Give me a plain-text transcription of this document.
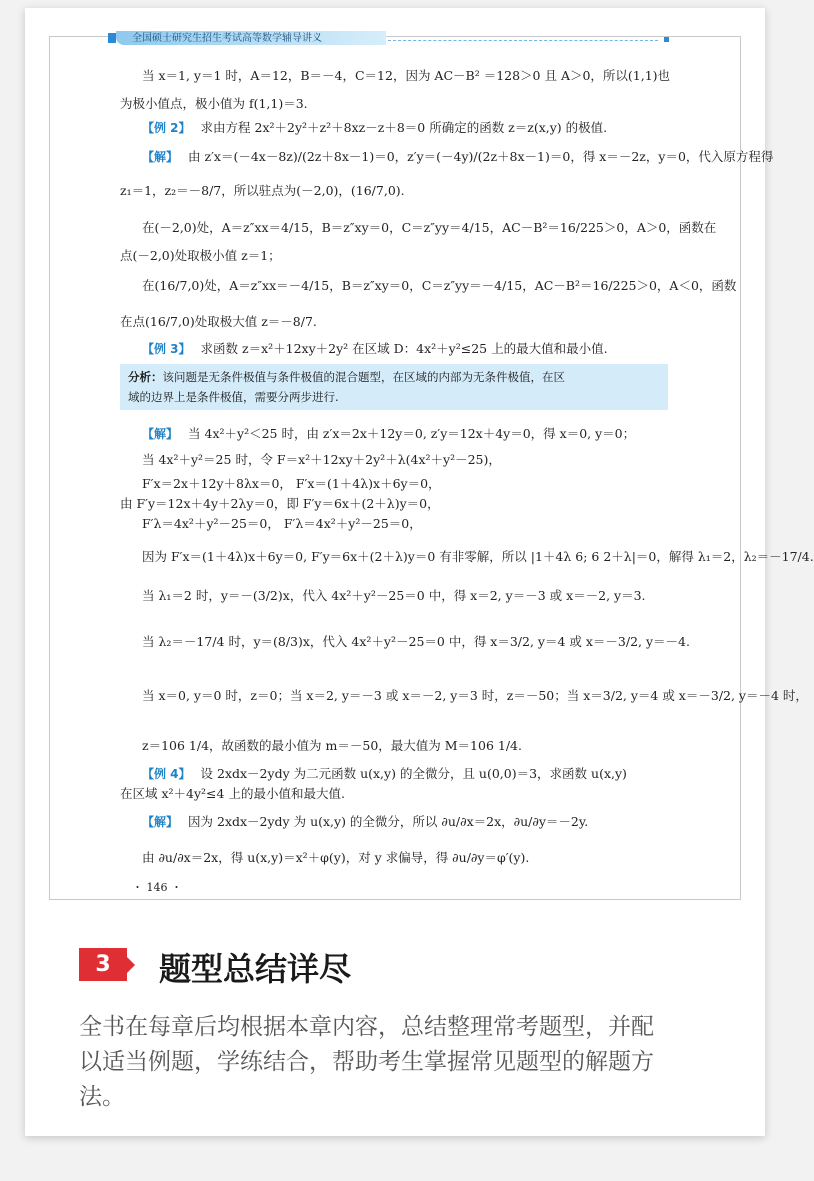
全国硕士研究生招生考试高等数学辅导讲义
当 x＝1, y＝1 时，A＝12，B＝－4，C＝12，因为 AC－B² ＝128＞0 且 A＞0，所以(1,1)也
为极小值点，极小值为 f(1,1)＝3.
【例 2】 求由方程 2x²＋2y²＋z²＋8xz－z＋8＝0 所确定的函数 z＝z(x,y) 的极值.
【解】 由 z′x＝(－4x－8z)/(2z＋8x－1)＝0，z′y＝(－4y)/(2z＋8x－1)＝0，得 x＝－2z，y＝0，代入原方程得
z₁＝1，z₂＝－8/7，所以驻点为(－2,0)，(16/7,0).
在(－2,0)处，A＝z″xx＝4/15，B＝z″xy＝0，C＝z″yy＝4/15，AC－B²＝16/225＞0，A＞0，函数在
点(－2,0)处取极小值 z＝1；
在(16/7,0)处，A＝z″xx＝－4/15，B＝z″xy＝0，C＝z″yy＝－4/15，AC－B²＝16/225＞0，A＜0，函数
在点(16/7,0)处取极大值 z＝－8/7.
【例 3】 求函数 z＝x²＋12xy＋2y² 在区域 D：4x²＋y²≤25 上的最大值和最小值.
分析：该问题是无条件极值与条件极值的混合题型，在区域的内部为无条件极值，在区
域的边界上是条件极值，需要分两步进行.
【解】 当 4x²＋y²＜25 时，由 z′x＝2x＋12y＝0, z′y＝12x＋4y＝0，得 x＝0, y＝0；
当 4x²＋y²＝25 时，令 F＝x²＋12xy＋2y²＋λ(4x²＋y²－25)，
F′x＝2x＋12y＋8λx＝0， F′x＝(1＋4λ)x＋6y＝0，
由 F′y＝12x＋4y＋2λy＝0，即 F′y＝6x＋(2＋λ)y＝0，
F′λ＝4x²＋y²－25＝0， F′λ＝4x²＋y²－25＝0，
因为 F′x＝(1＋4λ)x＋6y＝0, F′y＝6x＋(2＋λ)y＝0 有非零解，所以 |1＋4λ 6; 6 2＋λ|＝0，解得 λ₁＝2，λ₂＝－17/4.
当 λ₁＝2 时，y＝－(3/2)x，代入 4x²＋y²－25＝0 中，得 x＝2, y＝－3 或 x＝－2, y＝3.
当 λ₂＝－17/4 时，y＝(8/3)x，代入 4x²＋y²－25＝0 中，得 x＝3/2, y＝4 或 x＝－3/2, y＝－4.
当 x＝0, y＝0 时，z＝0；当 x＝2, y＝－3 或 x＝－2, y＝3 时，z＝－50；当 x＝3/2, y＝4 或 x＝－3/2, y＝－4 时，
z＝106 1/4，故函数的最小值为 m＝－50，最大值为 M＝106 1/4.
【例 4】 设 2xdx－2ydy 为二元函数 u(x,y) 的全微分，且 u(0,0)＝3，求函数 u(x,y)
在区域 x²＋4y²≤4 上的最小值和最大值.
【解】 因为 2xdx－2ydy 为 u(x,y) 的全微分，所以 ∂u/∂x＝2x，∂u/∂y＝－2y.
由 ∂u/∂x＝2x，得 u(x,y)＝x²＋φ(y)，对 y 求偏导，得 ∂u/∂y＝φ′(y).
・ 146 ・
3	题型总结详尽
全书在每章后均根据本章内容，总结整理常考题型，并配
以适当例题，学练结合，帮助考生掌握常见题型的解题方
法。
